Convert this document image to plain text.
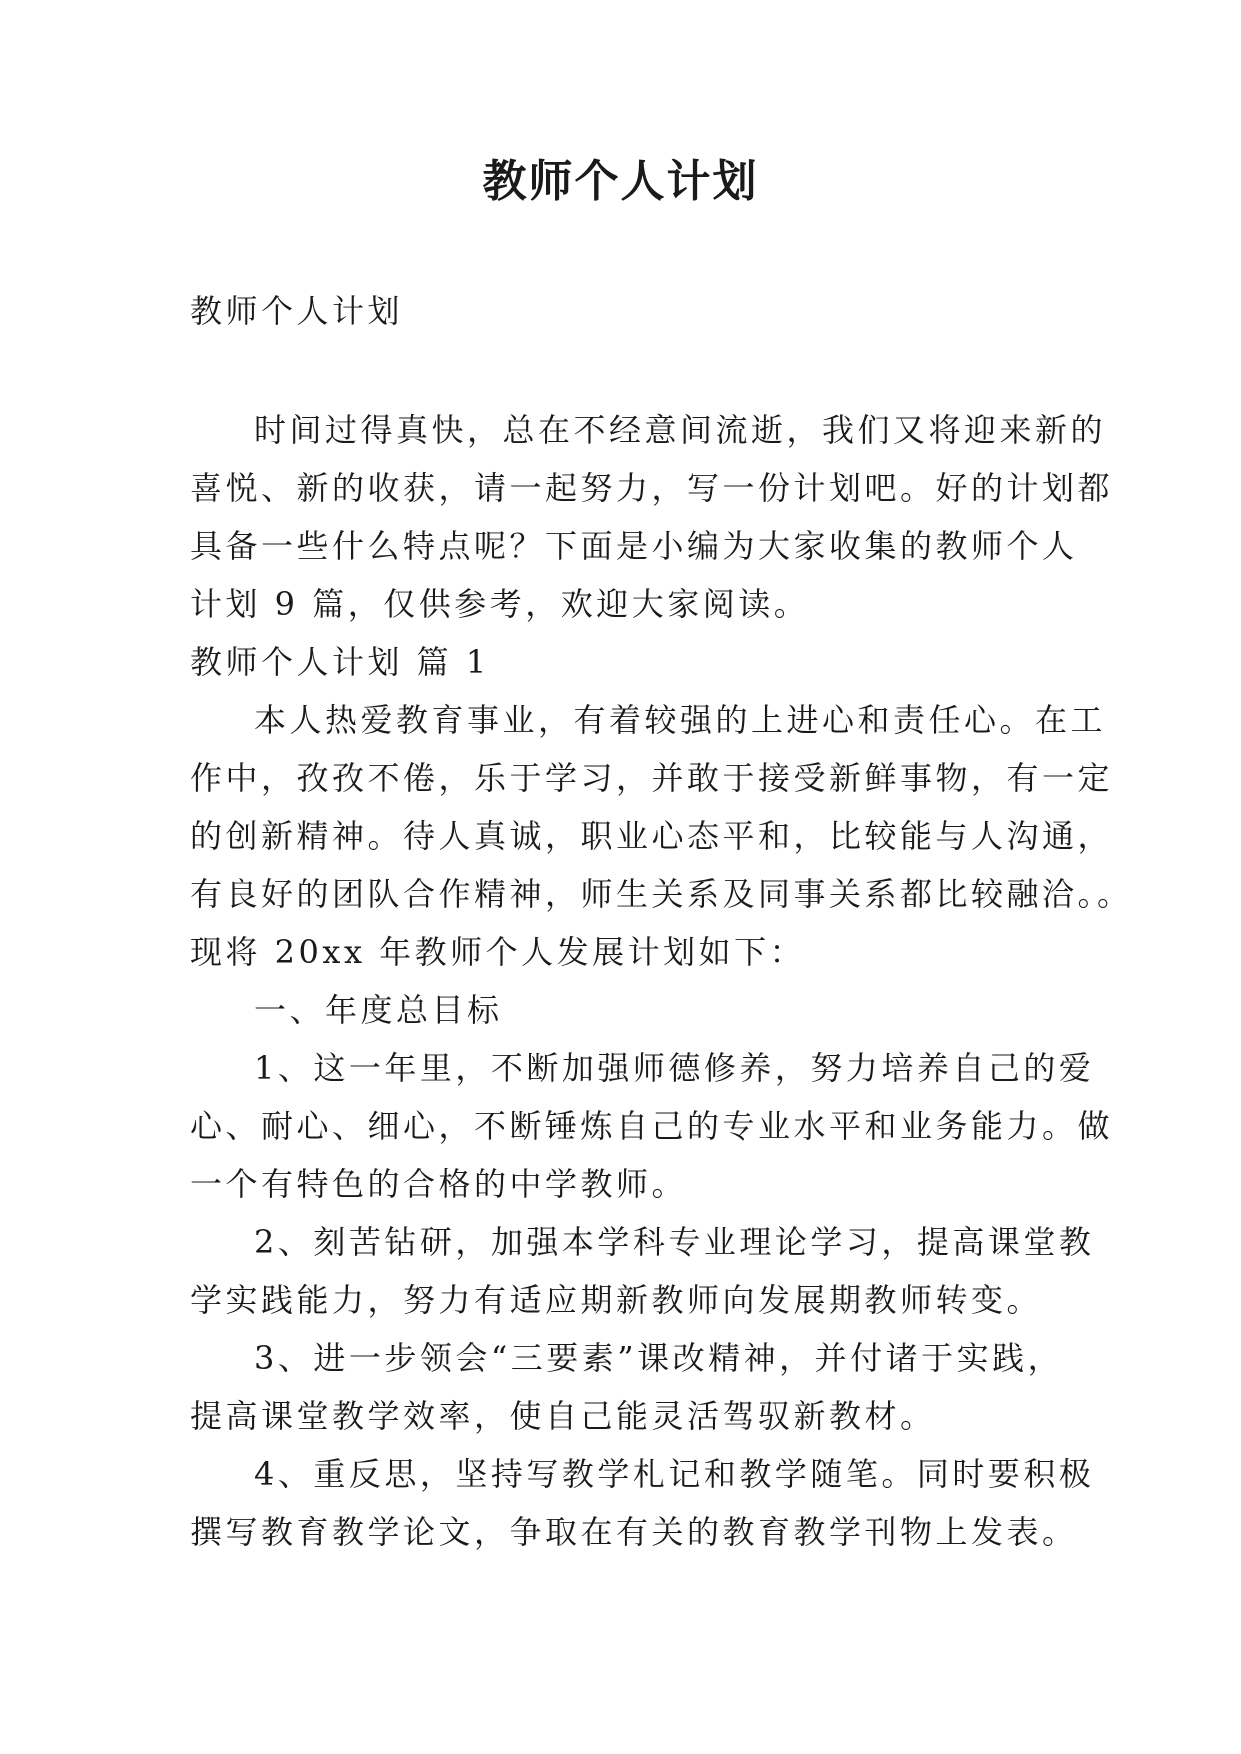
教师个人计划

教师个人计划

时间过得真快，总在不经意间流逝，我们又将迎来新的

喜悦、新的收获，请一起努力，写一份计划吧。好的计划都

具备一些什么特点呢？下面是小编为大家收集的教师个人

计划 9 篇，仅供参考，欢迎大家阅读。

教师个人计划 篇 1

本人热爱教育事业，有着较强的上进心和责任心。在工

作中，孜孜不倦，乐于学习，并敢于接受新鲜事物，有一定

的创新精神。待人真诚，职业心态平和，比较能与人沟通，

有良好的团队合作精神，师生关系及同事关系都比较融洽。。

现将 20xx 年教师个人发展计划如下：

一、年度总目标

1、这一年里，不断加强师德修养，努力培养自己的爱

心、耐心、细心，不断锤炼自己的专业水平和业务能力。做

一个有特色的合格的中学教师。

2、刻苦钻研，加强本学科专业理论学习，提高课堂教

学实践能力，努力有适应期新教师向发展期教师转变。

3、进一步领会“三要素”课改精神，并付诸于实践，

提高课堂教学效率，使自己能灵活驾驭新教材。

4、重反思，坚持写教学札记和教学随笔。同时要积极

撰写教育教学论文，争取在有关的教育教学刊物上发表。
